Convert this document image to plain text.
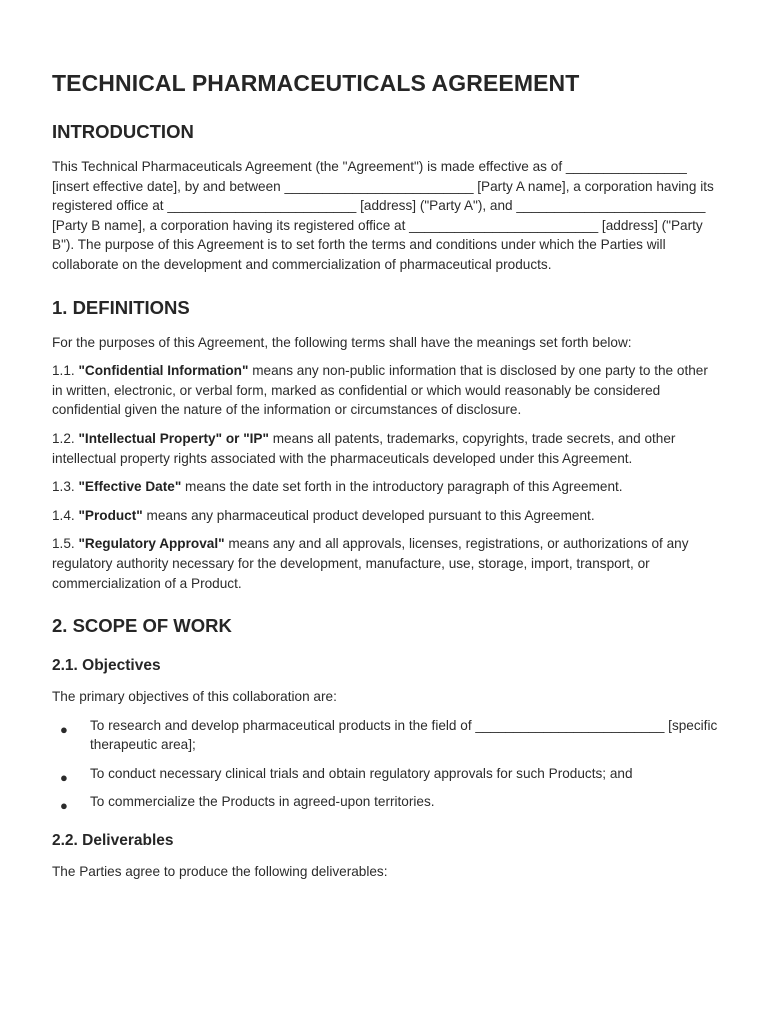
TECHNICAL PHARMACEUTICALS AGREEMENT
INTRODUCTION

This Technical Pharmaceuticals Agreement (the "Agreement") is made effective as of ________________ [insert effective date], by and between _________________________ [Party A name], a corporation having its registered office at _________________________ [address] ("Party A"), and _________________________ [Party B name], a corporation having its registered office at _________________________ [address] ("Party B"). The purpose of this Agreement is to set forth the terms and conditions under which the Parties will collaborate on the development and commercialization of pharmaceutical products.

1. DEFINITIONS

For the purposes of this Agreement, the following terms shall have the meanings set forth below:

1.1. "Confidential Information" means any non-public information that is disclosed by one party to the other in written, electronic, or verbal form, marked as confidential or which would reasonably be considered confidential given the nature of the information or circumstances of disclosure.

1.2. "Intellectual Property" or "IP" means all patents, trademarks, copyrights, trade secrets, and other intellectual property rights associated with the pharmaceuticals developed under this Agreement.

1.3. "Effective Date" means the date set forth in the introductory paragraph of this Agreement.

1.4. "Product" means any pharmaceutical product developed pursuant to this Agreement.

1.5. "Regulatory Approval" means any and all approvals, licenses, registrations, or authorizations of any regulatory authority necessary for the development, manufacture, use, storage, import, transport, or commercialization of a Product.

2. SCOPE OF WORK
2.1. Objectives

The primary objectives of this collaboration are:

● To research and develop pharmaceutical products in the field of _________________________ [specific therapeutic area];
● To conduct necessary clinical trials and obtain regulatory approvals for such Products; and
● To commercialize the Products in agreed-upon territories.
2.2. Deliverables

The Parties agree to produce the following deliverables:
